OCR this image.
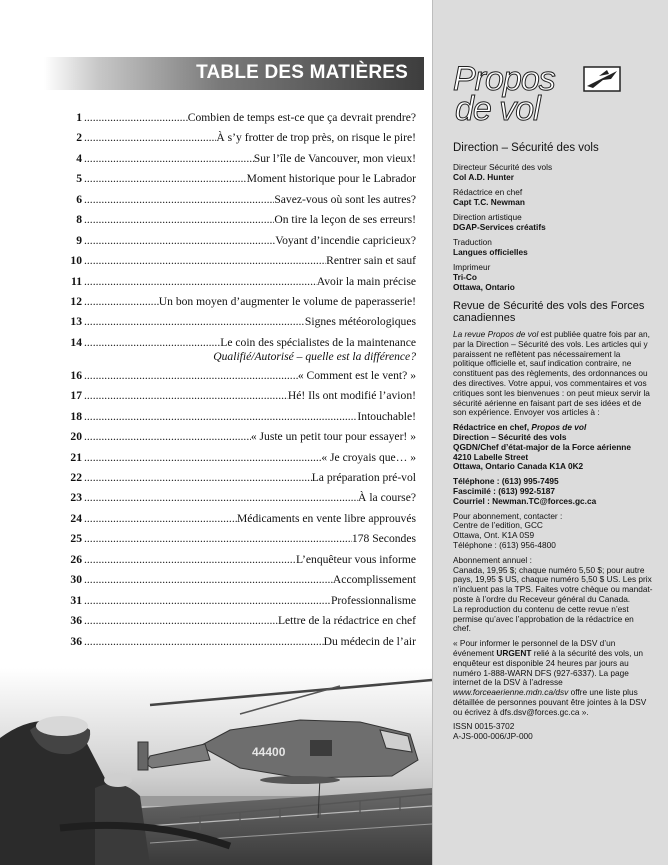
TABLE DES MATIÈRES
1 .....	Combien de temps est-ce que ça devrait prendre?
2 .....	À s’y frotter de trop près, on risque le pire!
4 .....	Sur l’île de Vancouver, mon vieux!
5 .....	Moment historique pour le Labrador
6 .....	Savez-vous où sont les autres?
8 .....	On tire la leçon de ses erreurs!
9 .....	Voyant d’incendie capricieux?
10 .....	Rentrer sain et sauf
11 .....	Avoir la main précise
12 .....	Un bon moyen d’augmenter le volume de paperasserie!
13 .....	Signes météorologiques
14 .....	Le coin des spécialistes de la maintenance
Qualifié/Autorisé – quelle est la différence?
16 .....	« Comment est le vent? »
17 .....	Hé! Ils ont modifié l’avion!
18 .....	Intouchable!
20 .....	« Juste un petit tour pour essayer! »
21 .....	« Je croyais que… »
22 .....	La préparation pré-vol
23 .....	À la course?
24 .....	Médicaments en vente libre approuvés
25 .....	178 Secondes
26 .....	L’enquêteur vous informe
30 .....	Accomplissement
31 .....	Professionnalisme
36 .....	Lettre de la rédactrice en chef
36 .....	Du médecin de l’air
44400
Propos
de vol
Direction – Sécurité des vols
Directeur Sécurité des vols
Col A.D. Hunter
Rédactrice en chef
Capt T.C. Newman
Direction artistique
DGAP-Services créatifs
Traduction
Langues officielles
Imprimeur
Tri-Co
Ottawa, Ontario
Revue de Sécurité des vols des Forces canadiennes
La revue Propos de vol est publiée quatre fois par an, par la Direction – Sécurité des vols. Les articles qui y paraissent ne reflètent pas nécessairement la politique officielle et, sauf indication contraire, ne constituent pas des règlements, des ordonnances ou des directives. Votre appui, vos commentaires et vos critiques sont les bienvenues : on peut mieux servir la sécurité aérienne en faisant part de ses idées et de son expérience. Envoyer vos articles à :
Rédactrice en chef, Propos de vol
Direction – Sécurité des vols
QGDN/Chef d’état-major de la Force aérienne
4210 Labelle Street
Ottawa, Ontario Canada K1A 0K2
Téléphone : (613) 995-7495
Fascimilé : (613) 992-5187
Courriel : Newman.TC@forces.gc.ca
Pour abonnement, contacter :
Centre de l’edition, GCC
Ottawa, Ont. K1A 0S9
Téléphone : (613) 956-4800
Abonnement annuel :
Canada, 19,95 $; chaque numéro 5,50 $; pour autre pays, 19,95 $ US, chaque numéro 5,50 $ US. Les prix n’incluent pas la TPS. Faites votre chèque ou mandat-poste à l’ordre du Receveur général du Canada.
La reproduction du contenu de cette revue n’est permise qu’avec l’approbation de la rédactrice en chef.
« Pour informer le personnel de la DSV d’un événement URGENT relié à la sécurité des vols, un enquêteur est disponible 24 heures par jours au numéro 1-888-WARN DFS (927-6337). La page internet de la DSV à l’adresse www.forceaerienne.mdn.ca/dsv offre une liste plus détaillée de personnes pouvant être jointes à la DSV ou écrivez à dfs.dsv@forces.gc.ca ».
ISSN 0015-3702
A-JS-000-006/JP-000
